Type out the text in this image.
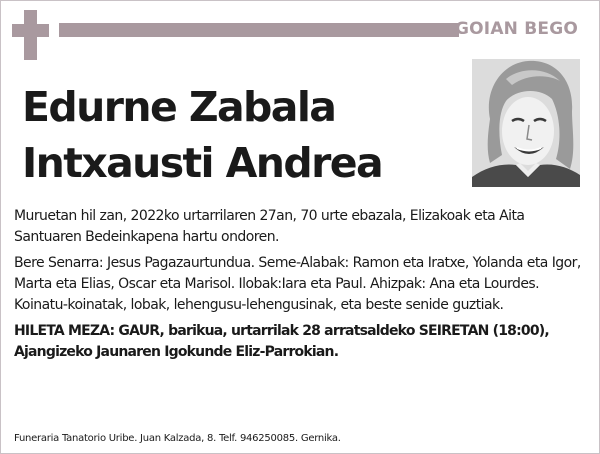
GOIAN BEGO
Edurne Zabala
Intxausti Andrea

Muruetan hil zan, 2022ko urtarrilaren 27an, 70 urte ebazala, Elizakoak eta Aita Santuaren Bedeinkapena hartu ondoren.

Bere Senarra: Jesus Pagazaurtundua. Seme-Alabak: Ramon eta Iratxe, Yolanda eta Igor, Marta eta Elias, Oscar eta Marisol. Ilobak:Iara eta Paul. Ahizpak: Ana eta Lourdes. Koinatu-koinatak, lobak, lehengusu-lehengusinak, eta beste senide guztiak.

HILETA MEZA: GAUR, barikua, urtarrilak 28 arratsaldeko SEIRETAN (18:00), Ajangizeko Jaunaren Igokunde Eliz-Parrokian.

Funeraria Tanatorio Uribe. Juan Kalzada, 8. Telf. 946250085. Gernika.
